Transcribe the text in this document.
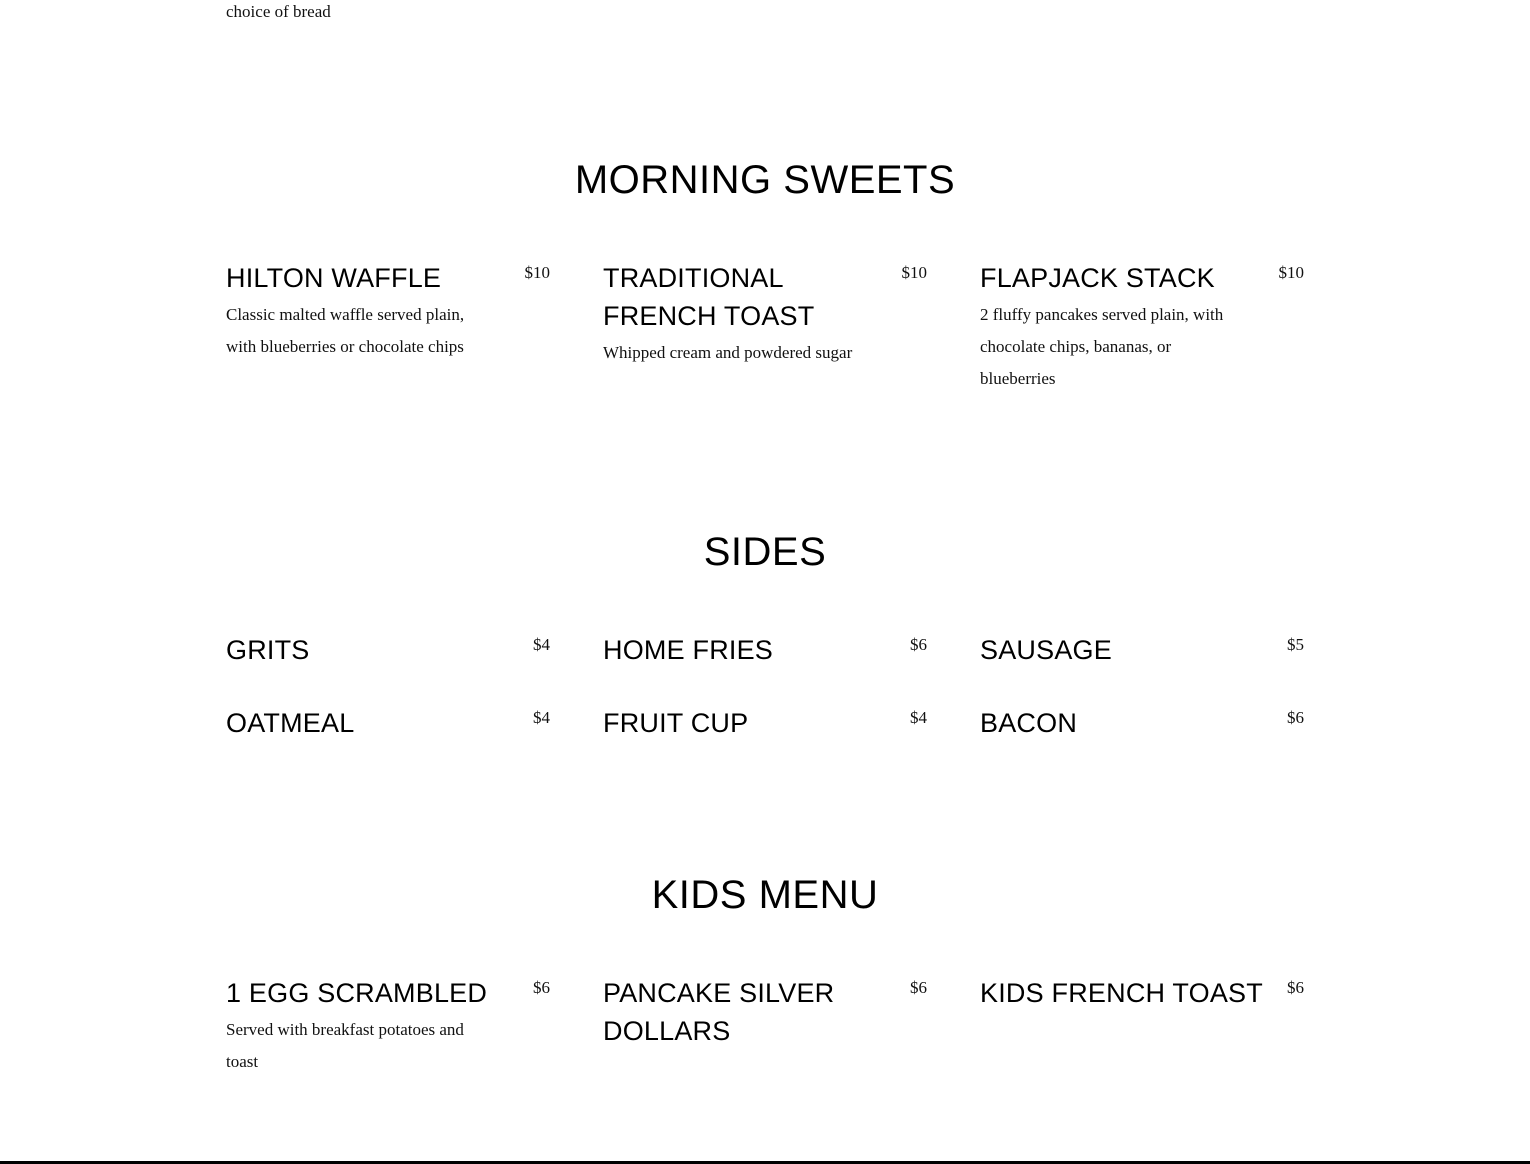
choice of bread
MORNING SWEETS
HILTON WAFFLE	$10
Classic malted waffle served plain, with blueberries or chocolate chips
TRADITIONAL FRENCH TOAST
$10
Whipped cream and powdered sugar
FLAPJACK STACK	$10
2 fluffy pancakes served plain, with chocolate chips, bananas, or blueberries
SIDES
GRITS	$4 HOME FRIES	$6 SAUSAGE	$5
OATMEAL	$4 FRUIT CUP	$4 BACON	$6
KIDS MENU
1 EGG SCRAMBLED	$6
Served with breakfast potatoes and toast
PANCAKE SILVER DOLLARS
$6 KIDS FRENCH TOAST $6
